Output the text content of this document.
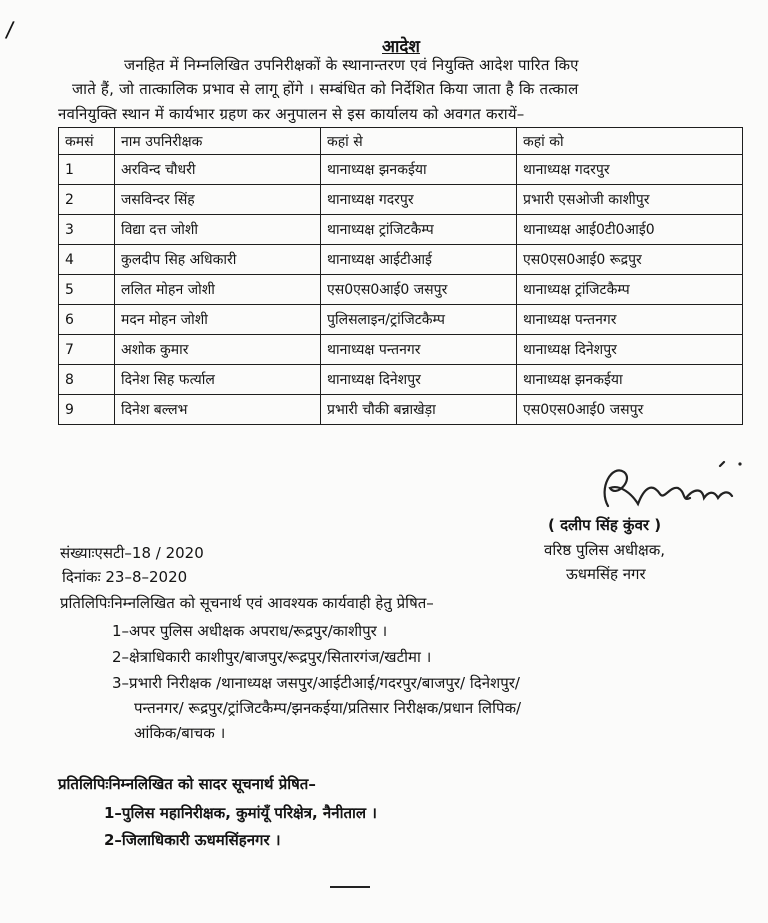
/
आदेश
जनहित में निम्नलिखित उपनिरीक्षकों के स्थानान्तरण एवं नियुक्ति आदेश पारित किए
जाते हैं, जो तात्कालिक प्रभाव से लागू होंगे । सम्बंधित को निर्देशित किया जाता है कि तत्काल
नवनियुक्ति स्थान में कार्यभार ग्रहण कर अनुपालन से इस कार्यालय को अवगत करायें–
कमसं	नाम उपनिरीक्षक	कहां से	कहां को
1	अरविन्द चौधरी	थानाध्यक्ष झनकईया	थानाध्यक्ष गदरपुर
2	जसविन्दर सिंह	थानाध्यक्ष गदरपुर	प्रभारी एसओजी काशीपुर
3	विद्या दत्त जोशी	थानाध्यक्ष ट्रांजिटकैम्प	थानाध्यक्ष आई0टी0आई0
4	कुलदीप सिह अधिकारी	थानाध्यक्ष आईटीआई	एस0एस0आई0 रूद्रपुर
5	ललित मोहन जोशी	एस0एस0आई0 जसपुर	थानाध्यक्ष ट्रांजिटकैम्प
6	मदन मोहन जोशी	पुलिसलाइन/ट्रांजिटकैम्प	थानाध्यक्ष पन्तनगर
7	अशोक कुमार	थानाध्यक्ष पन्तनगर	थानाध्यक्ष दिनेशपुर
8	दिनेश सिह फर्त्याल	थानाध्यक्ष दिनेशपुर	थानाध्यक्ष झनकईया
9	दिनेश बल्लभ	प्रभारी चौकी बन्नाखेड़ा	एस0एस0आई0 जसपुर
( दलीप सिंह कुंवर )
वरिष्ठ पुलिस अधीक्षक,
ऊधमसिंह नगर
संख्याःएसटी–18 / 2020
दिनांकः 23–8–2020
प्रतिलिपिःनिम्नलिखित को सूचनार्थ एवं आवश्यक कार्यवाही हेतु प्रेषित–
1–अपर पुलिस अधीक्षक अपराध/रूद्रपुर/काशीपुर ।
2–क्षेत्राधिकारी काशीपुर/बाजपुर/रूद्रपुर/सितारगंज/खटीमा ।
3–प्रभारी निरीक्षक /थानाध्यक्ष जसपुर/आईटीआई/गदरपुर/बाजपुर/ दिनेशपुर/
पन्तनगर/ रूद्रपुर/ट्रांजिटकैम्प/झनकईया/प्रतिसार निरीक्षक/प्रधान लिपिक/
आंकिक/बाचक ।
प्रतिलिपिःनिम्नलिखित को सादर सूचनार्थ प्रेषित–
1–पुलिस महानिरीक्षक, कुमांयूँ परिक्षेत्र, नैनीताल ।
2–जिलाधिकारी ऊधमसिंहनगर ।
